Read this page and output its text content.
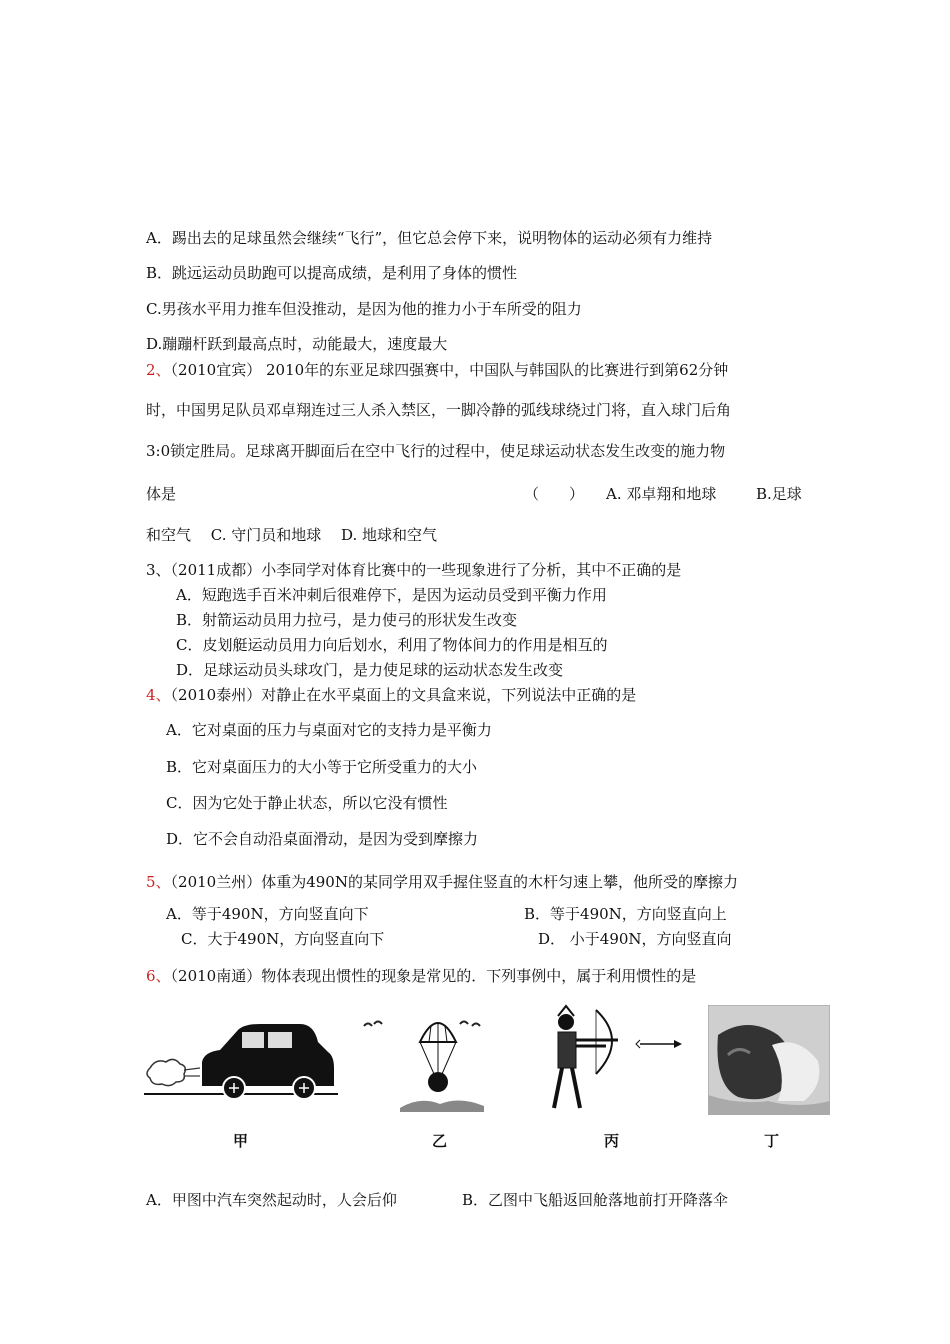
A．踢出去的足球虽然会继续“飞行”，但它总会停下来，说明物体的运动必须有力维持
B．跳远运动员助跑可以提高成绩，是利用了身体的惯性
C.男孩水平用力推车但没推动，是因为他的推力小于车所受的阻力
D.蹦蹦杆跃到最高点时，动能最大，速度最大
2、（2010宜宾） 2010年的东亚足球四强赛中，中国队与韩国队的比赛进行到第62分钟
时，中国男足队员邓卓翔连过三人杀入禁区，一脚冷静的弧线球绕过门将，直入球门后角
3:0锁定胜局。足球离开脚面后在空中飞行的过程中，使足球运动状态发生改变的施力物
体是	（　　） A. 邓卓翔和地球	B.足球
和空气　 C. 守门员和地球　 D. 地球和空气
3、（2011成都）小李同学对体育比赛中的一些现象进行了分析，其中不正确的是
A．短跑选手百米冲刺后很难停下，是因为运动员受到平衡力作用
B．射箭运动员用力拉弓，是力使弓的形状发生改变
C．皮划艇运动员用力向后划水，利用了物体间力的作用是相互的
D．足球运动员头球攻门，是力使足球的运动状态发生改变
4、（2010泰州）对静止在水平桌面上的文具盒来说，下列说法中正确的是
A．它对桌面的压力与桌面对它的支持力是平衡力
B．它对桌面压力的大小等于它所受重力的大小
C．因为它处于静止状态，所以它没有惯性
D．它不会自动沿桌面滑动，是因为受到摩擦力
5、（2010兰州）体重为490N的某同学用双手握住竖直的木杆匀速上攀，他所受的摩擦力
A．等于490N，方向竖直向下	B．等于490N，方向竖直向上
C．大于490N，方向竖直向下	D． 小于490N，方向竖直向
6、（2010南通）物体表现出惯性的现象是常见的．下列事例中，属于利用惯性的是
甲	乙	丙	丁
A．甲图中汽车突然起动时，人会后仰	B．乙图中飞船返回舱落地前打开降落伞
